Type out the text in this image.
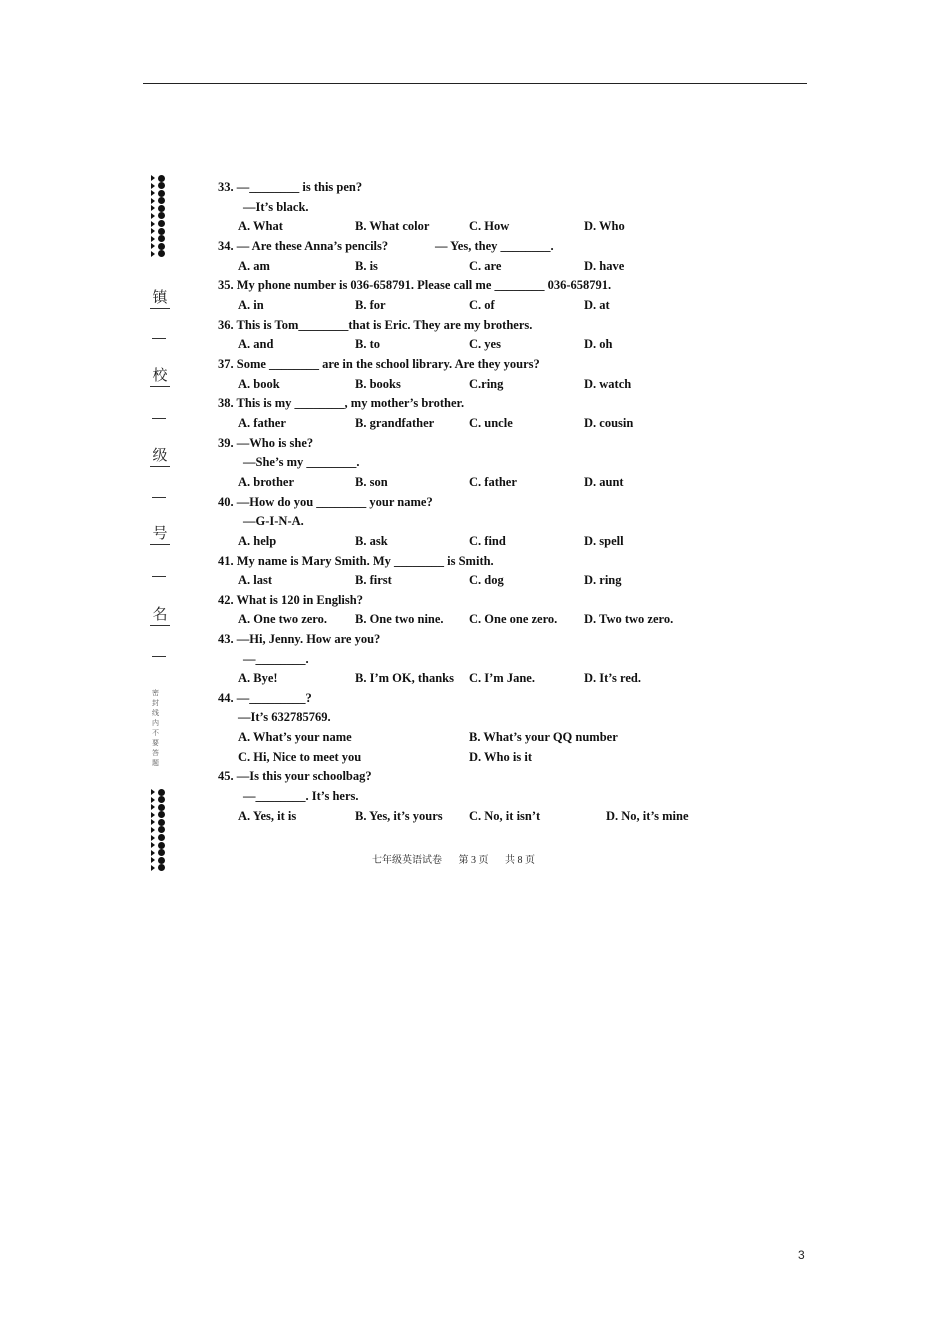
镇
校
级
号
名
密封线内不要答题
33. —________ is this pen?
—It’s black.
A. What	B. What color	C. How	D. Who
34. — Are these Anna’s pencils?	— Yes, they ________.
A. am	B. is	C. are	D. have
35. My phone number is 036-658791. Please call me ________ 036-658791.
A. in	B. for	C. of	D. at
36. This is Tom________that is Eric. They are my brothers.
A. and	B. to	C. yes	D. oh
37. Some ________ are in the school library. Are they yours?
A. book	B. books	C.ring	D. watch
38. This is my ________, my mother’s brother.
A. father	B. grandfather	C. uncle	D. cousin
39. —Who is she?
—She’s my ________.
A. brother	B. son	C. father	D. aunt
40. —How do you ________ your name?
—G-I-N-A.
A. help	B. ask	C. find	D. spell
41. My name is Mary Smith. My ________ is Smith.
A. last	B. first	C. dog	D. ring
42. What is 120 in English?
A. One two zero. B. One two nine. C. One one zero. D. Two two zero.
43. —Hi, Jenny. How are you?
—________.
A. Bye!	B. I’m OK, thanks C. I’m Jane.	D. It’s red.
44. —_________?
—It’s 632785769.
A. What’s your name	B. What’s your QQ number
C. Hi, Nice to meet you	D. Who is it
45. —Is this your schoolbag?
—________. It’s hers.
A. Yes, it is	B. Yes, it’s yours C. No, it isn’t	D. No, it’s mine
七年级英语试卷 第 3 页 共 8 页
3
